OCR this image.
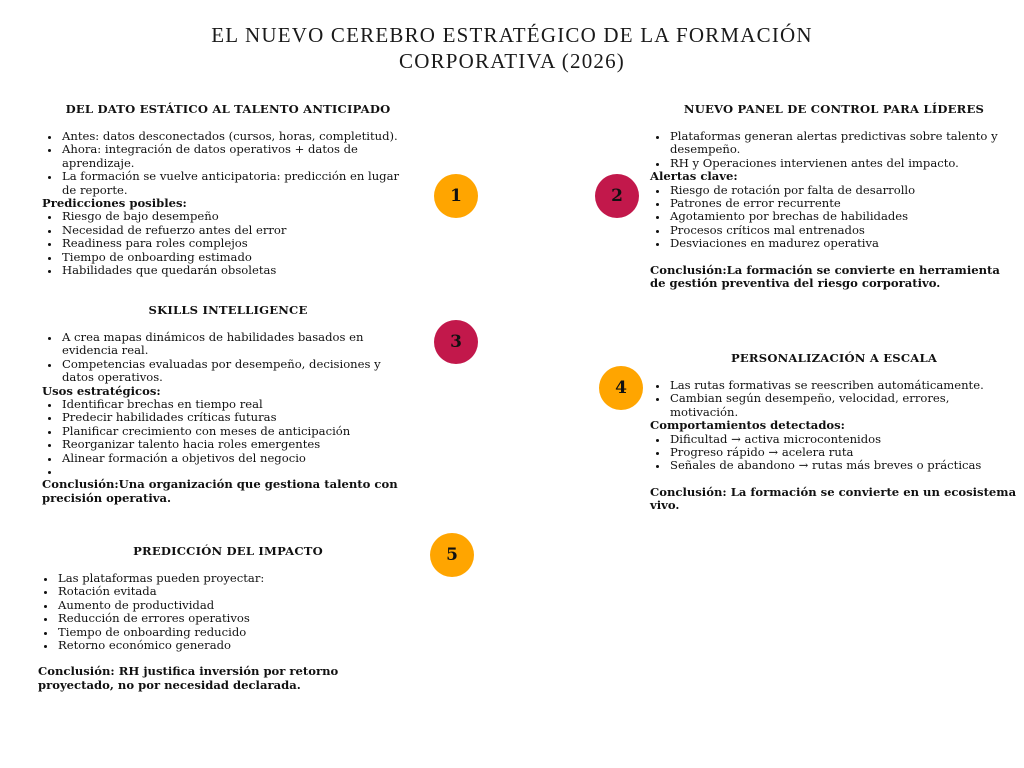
EL NUEVO CEREBRO ESTRATÉGICO DE LA FORMACIÓN
CORPORATIVA (2026)
DEL DATO ESTÁTICO AL TALENTO ANTICIPADO
Antes: datos desconectados (cursos, horas, completitud).
Ahora: integración de datos operativos + datos de aprendizaje.
La formación se vuelve anticipatoria: predicción en lugar de reporte.

Predicciones posibles:

Riesgo de bajo desempeño
Necesidad de refuerzo antes del error
Readiness para roles complejos
Tiempo de onboarding estimado
Habilidades que quedarán obsoletas
NUEVO PANEL DE CONTROL PARA LÍDERES
Plataformas generan alertas predictivas sobre talento y desempeño.
RH y Operaciones intervienen antes del impacto.

Alertas clave:

Riesgo de rotación por falta de desarrollo
Patrones de error recurrente
Agotamiento por brechas de habilidades
Procesos críticos mal entrenados
Desviaciones en madurez operativa

Conclusión:La formación se convierte en herramienta de gestión preventiva del riesgo corporativo.

SKILLS INTELLIGENCE
A crea mapas dinámicos de habilidades basados en evidencia real.
Competencias evaluadas por desempeño, decisiones y datos operativos.

Usos estratégicos:

Identificar brechas en tiempo real
Predecir habilidades críticas futuras
Planificar crecimiento con meses de anticipación
Reorganizar talento hacia roles emergentes
Alinear formación a objetivos del negocio

Conclusión:Una organización que gestiona talento con precisión operativa.

PERSONALIZACIÓN A ESCALA
Las rutas formativas se reescriben automáticamente.
Cambian según desempeño, velocidad, errores, motivación.

Comportamientos detectados:

Dificultad → activa microcontenidos
Progreso rápido → acelera ruta
Señales de abandono → rutas más breves o prácticas

Conclusión: La formación se convierte en un ecosistema vivo.

PREDICCIÓN DEL IMPACTO
Las plataformas pueden proyectar:
Rotación evitada
Aumento de productividad
Reducción de errores operativos
Tiempo de onboarding reducido
Retorno económico generado

Conclusión: RH justifica inversión por retorno proyectado, no por necesidad declarada.

1	2
3
4
5
